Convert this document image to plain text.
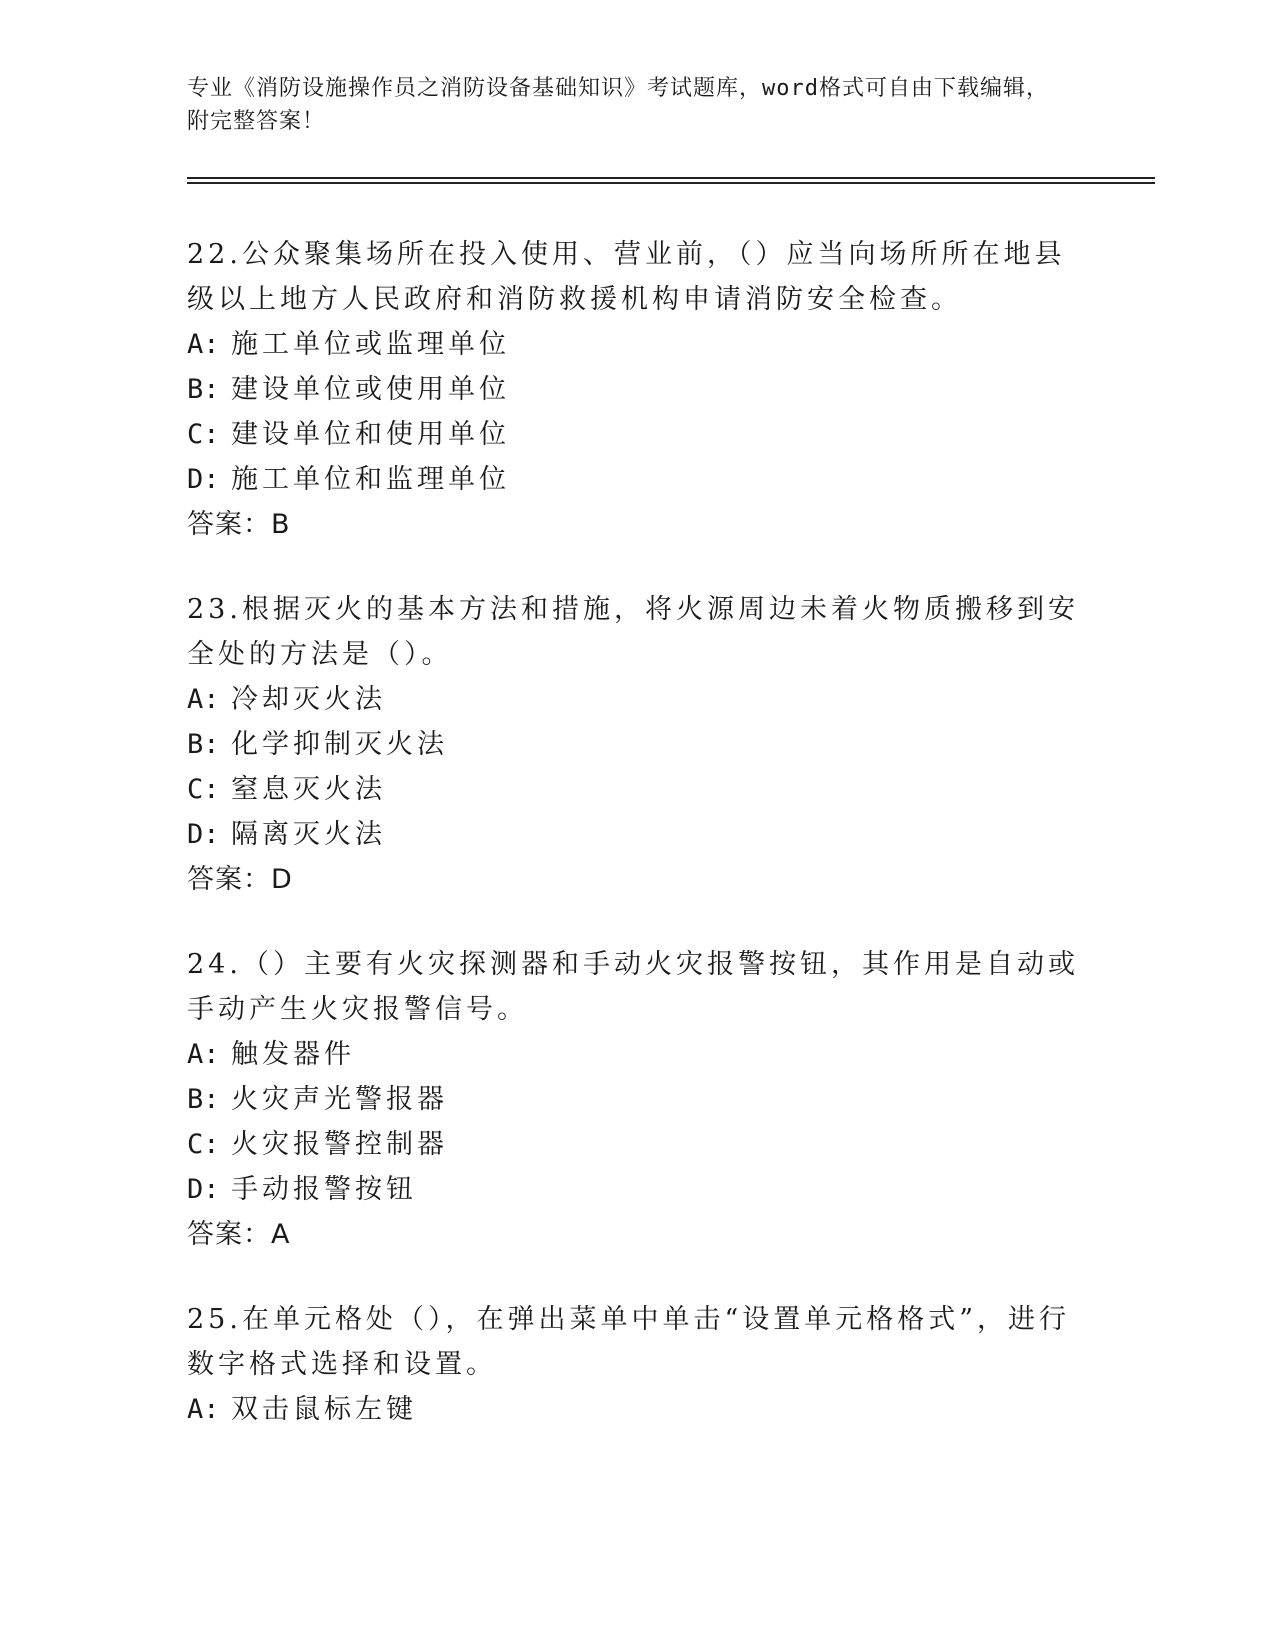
专业《消防设施操作员之消防设备基础知识》考试题库，word格式可自由下载编辑，附完整答案！

22.公众聚集场所在投入使用、营业前，（）应当向场所所在地县级以上地方人民政府和消防救援机构申请消防安全检查。

A: 施工单位或监理单位
B: 建设单位或使用单位
C: 建设单位和使用单位
D: 施工单位和监理单位
答案：B

23.根据灭火的基本方法和措施，将火源周边未着火物质搬移到安全处的方法是（）。

A: 冷却灭火法
B: 化学抑制灭火法
C: 窒息灭火法
D: 隔离灭火法
答案：D

24.（）主要有火灾探测器和手动火灾报警按钮，其作用是自动或手动产生火灾报警信号。

A: 触发器件
B: 火灾声光警报器
C: 火灾报警控制器
D: 手动报警按钮
答案：A

25.在单元格处（），在弹出菜单中单击“设置单元格格式”，进行数字格式选择和设置。

A: 双击鼠标左键
